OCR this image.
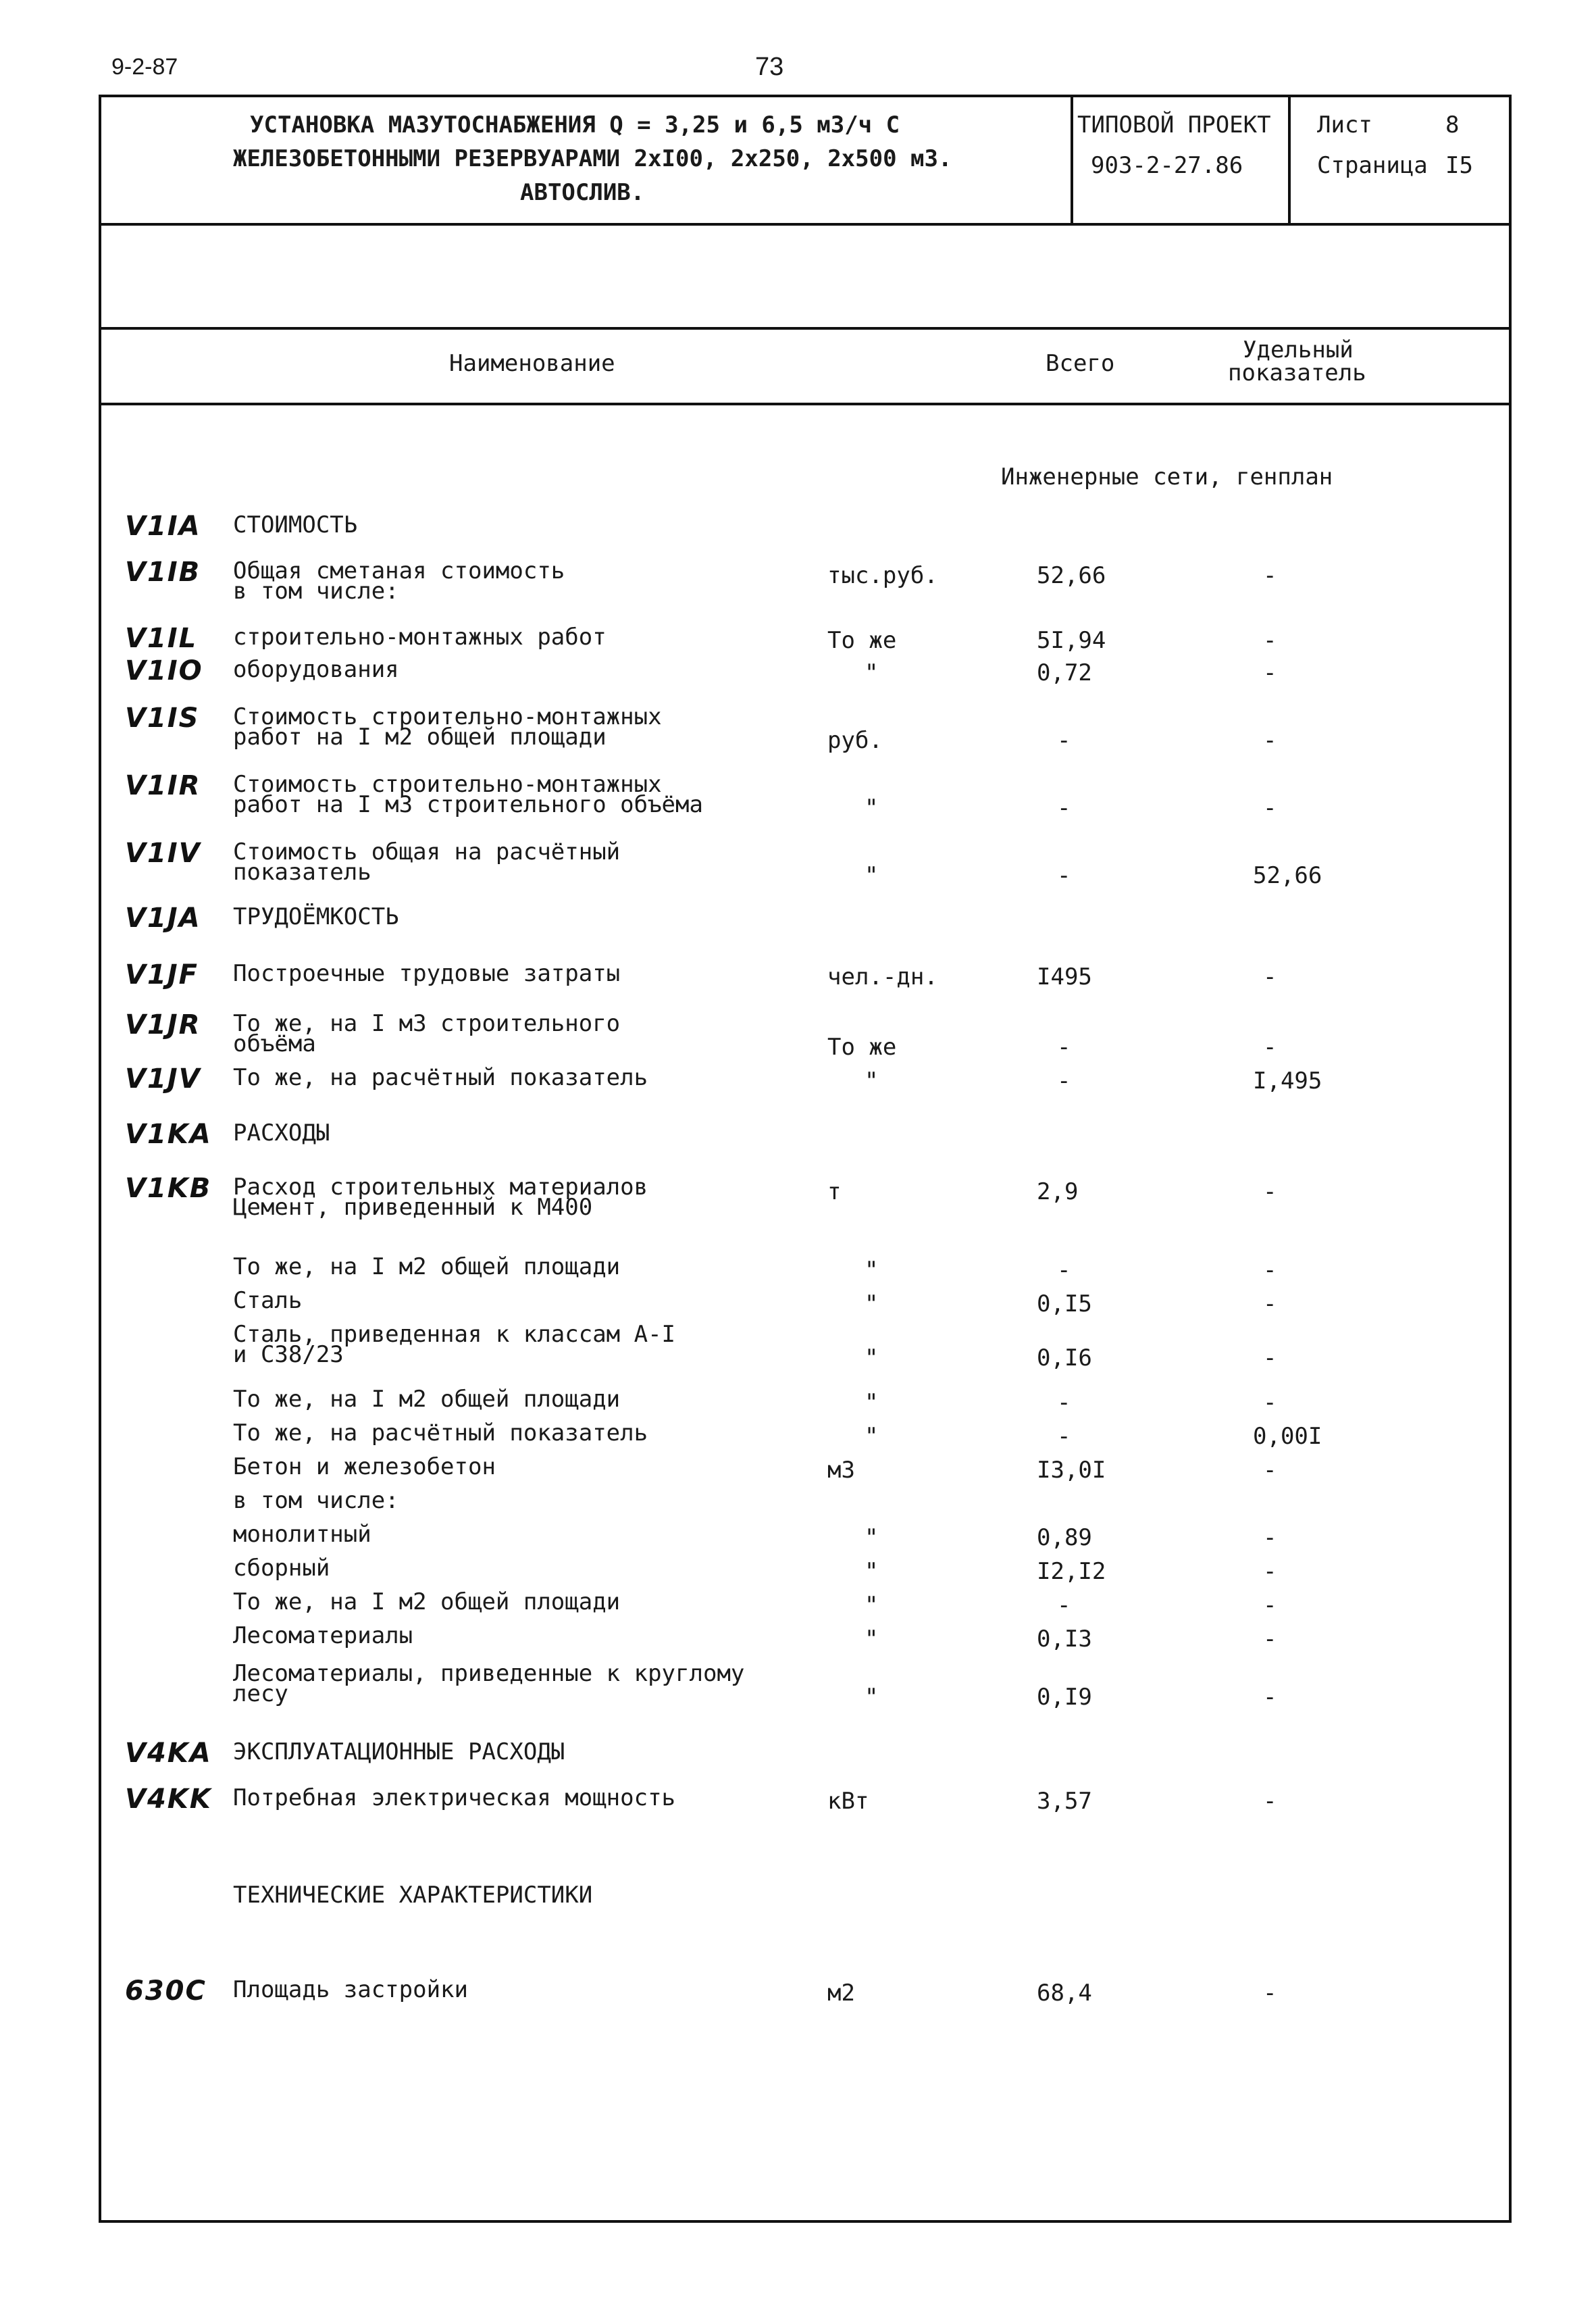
9-2-87	73
УСТАНОВКА МАЗУТОСНАБЖЕНИЯ Q = 3,25 и 6,5 м3/ч С
ЖЕЛЕЗОБЕТОННЫМИ РЕЗЕРВУАРАМИ 2хI00, 2х250, 2х500 м3.
АВТОСЛИВ.
ТИПОВОЙ ПРОЕКТ
903-2-27.86
Лист	8
Страница I5
Наименование	Всего	Удельный
показатель
Инженерные сети, генплан
V1IA СТОИМОСТЬ
V1IB Общая сметаная стоимость
в том числе:
тыс.руб.	52,66	-
V1IL строительно-монтажных работ	То же	5I,94	-
V1IO оборудования	"	0,72	-
V1IS Стоимость строительно-монтажных
работ на I м2 общей площади	руб.	-	-
V1IR Стоимость строительно-монтажных
работ на I м3 строительного объёма	"	-	-
V1IV Стоимость общая на расчётный
показатель	"	-	52,66
V1JA ТРУДОЁМКОСТЬ
V1JF Построечные трудовые затраты	чел.-дн.	I495	-
V1JR То же, на I м3 строительного
объёма	То же	-	-
V1JV То же, на расчётный показатель	"	-	I,495
V1KA РАСХОДЫ
V1KB Расход строительных материалов
Цемент, приведенный к М400
т	2,9	-
То же, на I м2 общей площади	"	-	-
Сталь	"	0,I5	-
Сталь, приведенная к классам А-I
и С38/23	"	0,I6	-
То же, на I м2 общей площади	"	-	-
То же, на расчётный показатель	"	-	0,00I
Бетон и железобетон	м3	I3,0I	-
в том числе:
монолитный	"	0,89	-
сборный	"	I2,I2	-
То же, на I м2 общей площади	"	-	-
Лесоматериалы	"	0,I3	-
Лесоматериалы, приведенные к круглому
лесу	"	0,I9	-
V4KA ЭКСПЛУАТАЦИОННЫЕ РАСХОДЫ
V4KK Потребная электрическая мощность	кВт	3,57	-
ТЕХНИЧЕСКИЕ ХАРАКТЕРИСТИКИ
630C Площадь застройки	м2	68,4	-
